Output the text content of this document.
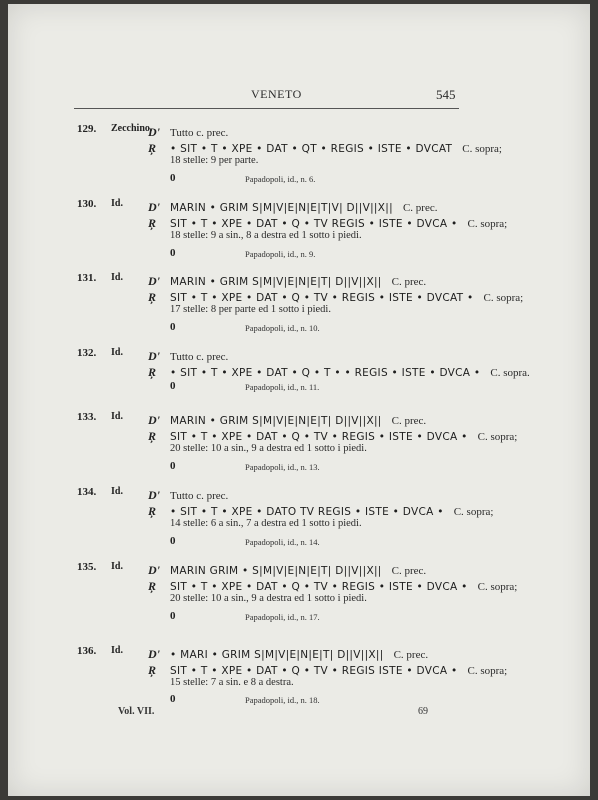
VENETO	545
129. Zecchino.
D' Tutto c. prec.
Ŗ • SIT • T • XPE • DAT • QT • REGIS • ISTE • DVCAT C. sopra;
18 stelle: 9 per parte.
0	Papadopoli, id., n. 6.
130. Id. D' MARIN • GRIM S|M|V|E|N|E|T|V| D||V||X|| C. prec.
Ŗ SIT • T • XPE • DAT • Q • TV REGIS • ISTE • DVCA • C. sopra;
18 stelle: 9 a sin., 8 a destra ed 1 sotto i piedi.
0	Papadopoli, id., n. 9.
131. Id. D' MARIN • GRIM S|M|V|E|N|E|T| D||V||X|| C. prec.
Ŗ SIT • T • XPE • DAT • Q • TV • REGIS • ISTE • DVCAT • C. sopra;
17 stelle: 8 per parte ed 1 sotto i piedi.
0	Papadopoli, id., n. 10.
132. Id. D' Tutto c. prec.
Ŗ • SIT • T • XPE • DAT • Q • T • • REGIS • ISTE • DVCA • C. sopra.
0	Papadopoli, id., n. 11.
133. Id. D' MARIN • GRIM S|M|V|E|N|E|T| D||V||X|| C. prec.
Ŗ SIT • T • XPE • DAT • Q • TV • REGIS • ISTE • DVCA • C. sopra;
20 stelle: 10 a sin., 9 a destra ed 1 sotto i piedi.
0	Papadopoli, id., n. 13.
134. Id. D' Tutto c. prec.
Ŗ • SIT • T • XPE • DATO TV REGIS • ISTE • DVCA • C. sopra;
14 stelle: 6 a sin., 7 a destra ed 1 sotto i piedi.
0	Papadopoli, id., n. 14.
135. Id. D' MARIN GRIM • S|M|V|E|N|E|T| D||V||X|| C. prec.
Ŗ SIT • T • XPE • DAT • Q • TV • REGIS • ISTE • DVCA • C. sopra;
20 stelle: 10 a sin., 9 a destra ed 1 sotto i piedi.
0	Papadopoli, id., n. 17.
136. Id. D' • MARI • GRIM S|M|V|E|N|E|T| D||V||X|| C. prec.
Ŗ SIT • T • XPE • DAT • Q • TV • REGIS ISTE • DVCA • C. sopra;
15 stelle: 7 a sin. e 8 a destra.
0	Papadopoli, id., n. 18.
Vol. VII.	69
